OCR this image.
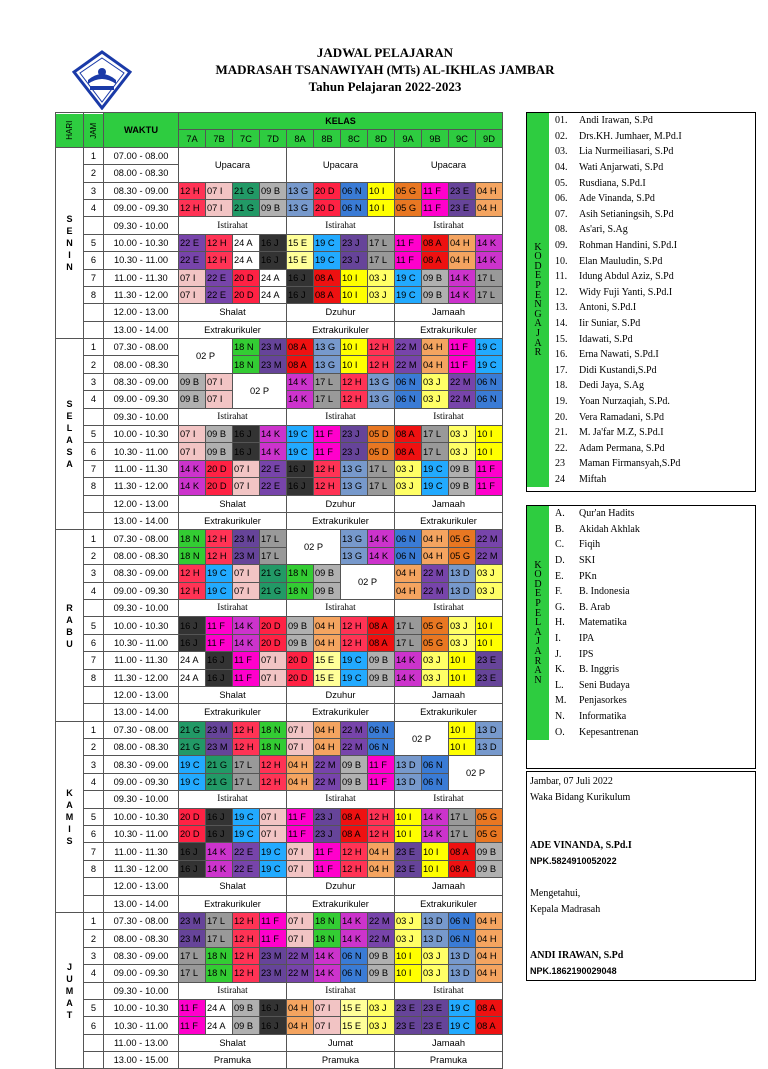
JADWAL PELAJARAN
MADRASAH TSANAWIYAH (MTs) AL-IKHLAS JAMBAR
Tahun Pelajaran 2022-2023
HARI	JAM	WAKTU	KELAS											
			7A	7B	7C	7D	8A	8B	8C	8D	9A	9B	9C	9D
S E N I N	1	07.00 - 08.00	Upacara				Upacara				Upacara			
	2	08.00 - 08.30												
	3	08.30 - 09.00	12 H	07 I	21 G	09 B	13 G	20 D	06 N	10 I	05 G	11 F	23 E	04 H
	4	09.00 - 09.30	12 H	07 I	21 G	09 B	13 G	20 D	06 N	10 I	05 G	11 F	23 E	04 H
		09.30 - 10.00	Istirahat				Istirahat				Istirahat			
	5	10.00 - 10.30	22 E	12 H	24 A	16 J	15 E	19 C	23 J	17 L	11 F	08 A	04 H	14 K
	6	10.30 - 11.00	22 E	12 H	24 A	16 J	15 E	19 C	23 J	17 L	11 F	08 A	04 H	14 K
	7	11.00 - 11.30	07 I	22 E	20 D	24 A	16 J	08 A	10 I	03 J	19 C	09 B	14 K	17 L
	8	11.30 - 12.00	07 I	22 E	20 D	24 A	16 J	08 A	10 I	03 J	19 C	09 B	14 K	17 L
		12.00 - 13.00	Shalat				Dzuhur				Jamaah			
		13.00 - 14.00	Extrakurikuler				Extrakurikuler				Extrakurikuler			
S E L A S A	1	07.30 - 08.00	02 P		18 N	23 M	08 A	13 G	10 I	12 H	22 M	04 H	11 F	19 C
	2	08.00 - 08.30			18 N	23 M	08 A	13 G	10 I	12 H	22 M	04 H	11 F	19 C
	3	08.30 - 09.00	09 B	07 I	02 P		14 K	17 L	12 H	13 G	06 N	03 J	22 M	06 N
	4	09.00 - 09.30	09 B	07 I			14 K	17 L	12 H	13 G	06 N	03 J	22 M	06 N
		09.30 - 10.00	Istirahat				Istirahat				Istirahat			
	5	10.00 - 10.30	07 I	09 B	16 J	14 K	19 C	11 F	23 J	05 D	08 A	17 L	03 J	10 I
	6	10.30 - 11.00	07 I	09 B	16 J	14 K	19 C	11 F	23 J	05 D	08 A	17 L	03 J	10 I
	7	11.00 - 11.30	14 K	20 D	07 I	22 E	16 J	12 H	13 G	17 L	03 J	19 C	09 B	11 F
	8	11.30 - 12.00	14 K	20 D	07 I	22 E	16 J	12 H	13 G	17 L	03 J	19 C	09 B	11 F
		12.00 - 13.00	Shalat				Dzuhur				Jamaah			
		13.00 - 14.00	Extrakurikuler				Extrakurikuler				Extrakurikuler			
R A B U	1	07.30 - 08.00	18 N	12 H	23 M	17 L	02 P		13 G	14 K	06 N	04 H	05 G	22 M
	2	08.00 - 08.30	18 N	12 H	23 M	17 L			13 G	14 K	06 N	04 H	05 G	22 M
	3	08.30 - 09.00	12 H	19 C	07 I	21 G	18 N	09 B	02 P		04 H	22 M	13 D	03 J
	4	09.00 - 09.30	12 H	19 C	07 I	21 G	18 N	09 B			04 H	22 M	13 D	03 J
		09.30 - 10.00	Istirahat				Istirahat				Istirahat			
	5	10.00 - 10.30	16 J	11 F	14 K	20 D	09 B	04 H	12 H	08 A	17 L	05 G	03 J	10 I
	6	10.30 - 11.00	16 J	11 F	14 K	20 D	09 B	04 H	12 H	08 A	17 L	05 G	03 J	10 I
	7	11.00 - 11.30	24 A	16 J	11 F	07 I	20 D	15 E	19 C	09 B	14 K	03 J	10 I	23 E
	8	11.30 - 12.00	24 A	16 J	11 F	07 I	20 D	15 E	19 C	09 B	14 K	03 J	10 I	23 E
		12.00 - 13.00	Shalat				Dzuhur				Jamaah			
		13.00 - 14.00	Extrakurikuler				Extrakurikuler				Extrakurikuler			
K A M I S	1	07.30 - 08.00	21 G	23 M	12 H	18 N	07 I	04 H	22 M	06 N	02 P		10 I	13 D
	2	08.00 - 08.30	21 G	23 M	12 H	18 N	07 I	04 H	22 M	06 N			10 I	13 D
	3	08.30 - 09.00	19 C	21 G	17 L	12 H	04 H	22 M	09 B	11 F	13 D	06 N	02 P	
	4	09.00 - 09.30	19 C	21 G	17 L	12 H	04 H	22 M	09 B	11 F	13 D	06 N		
		09.30 - 10.00	Istirahat				Istirahat				Istirahat			
	5	10.00 - 10.30	20 D	16 J	19 C	07 I	11 F	23 J	08 A	12 H	10 I	14 K	17 L	05 G
	6	10.30 - 11.00	20 D	16 J	19 C	07 I	11 F	23 J	08 A	12 H	10 I	14 K	17 L	05 G
	7	11.00 - 11.30	16 J	14 K	22 E	19 C	07 I	11 F	12 H	04 H	23 E	10 I	08 A	09 B
	8	11.30 - 12.00	16 J	14 K	22 E	19 C	07 I	11 F	12 H	04 H	23 E	10 I	08 A	09 B
		12.00 - 13.00	Shalat				Dzuhur				Jamaah			
		13.00 - 14.00	Extrakurikuler				Extrakurikuler				Extrakurikuler			
J U M A T	1	07.30 - 08.00	23 M	17 L	12 H	11 F	07 I	18 N	14 K	22 M	03 J	13 D	06 N	04 H
	2	08.00 - 08.30	23 M	17 L	12 H	11 F	07 I	18 N	14 K	22 M	03 J	13 D	06 N	04 H
	3	08.30 - 09.00	17 L	18 N	12 H	23 M	22 M	14 K	06 N	09 B	10 I	03 J	13 D	04 H
	4	09.00 - 09.30	17 L	18 N	12 H	23 M	22 M	14 K	06 N	09 B	10 I	03 J	13 D	04 H
		09.30 - 10.00	Istirahat				Istirahat				Istirahat			
	5	10.00 - 10.30	11 F	24 A	09 B	16 J	04 H	07 I	15 E	03 J	23 E	23 E	19 C	08 A
	6	10.30 - 11.00	11 F	24 A	09 B	16 J	04 H	07 I	15 E	03 J	23 E	23 E	19 C	08 A
		11.00 - 13.00	Shalat				Jumat				Jamaah			
		13.00 - 15.00	Pramuka				Pramuka				Pramuka			
K O D E P E N G A J A R	01.	Andi Irawan, S.Pd
	02.	Drs.KH. Jumhaer, M.Pd.I
	03.	Lia Nurmeiliasari, S.Pd
	04.	Wati Anjarwati, S.Pd
	05.	Rusdiana, S.Pd.I
	06.	Ade Vinanda, S.Pd
	07.	Asih Setianingsih, S.Pd
	08.	As'ari, S.Ag
	09.	Rohman Handini, S.Pd.I
	10.	Elan Mauludin, S.Pd
	11.	Idung Abdul Aziz, S.Pd
	12.	Widy Fuji Yanti, S.Pd.I
	13.	Antoni, S.Pd.I
	14.	Iir Suniar, S.Pd
	15.	Idawati, S.Pd
	16.	Erna Nawati, S.Pd.I
	17.	Didi Kustandi,S.Pd
	18.	Dedi Jaya, S.Ag
	19.	Yoan Nurzaqiah, S.Pd.
	20.	Vera Ramadani, S.Pd
	21.	M. Ja'far M.Z, S.Pd.I
	22.	Adam Permana, S.Pd
	23	Maman Firmansyah,S.Pd
	24	Miftah
K O D E P E L A J A R A N	A.	Qur'an Hadits
	B.	Akidah Akhlak
	C.	Fiqih
	D.	SKI
	E.	PKn
	F.	B. Indonesia
	G.	B. Arab
	H.	Matematika
	I.	IPA
	J.	IPS
	K.	B. Inggris
	L.	Seni Budaya
	M.	Penjasorkes
	N.	Informatika
	O.	Kepesantrenan
Jambar, 07 Juli 2022
Waka Bidang Kurikulum
ADE VINANDA, S.Pd.I
NPK.5824910052022
Mengetahui,
Kepala Madrasah
ANDI IRAWAN, S.Pd
NPK.1862190029048
